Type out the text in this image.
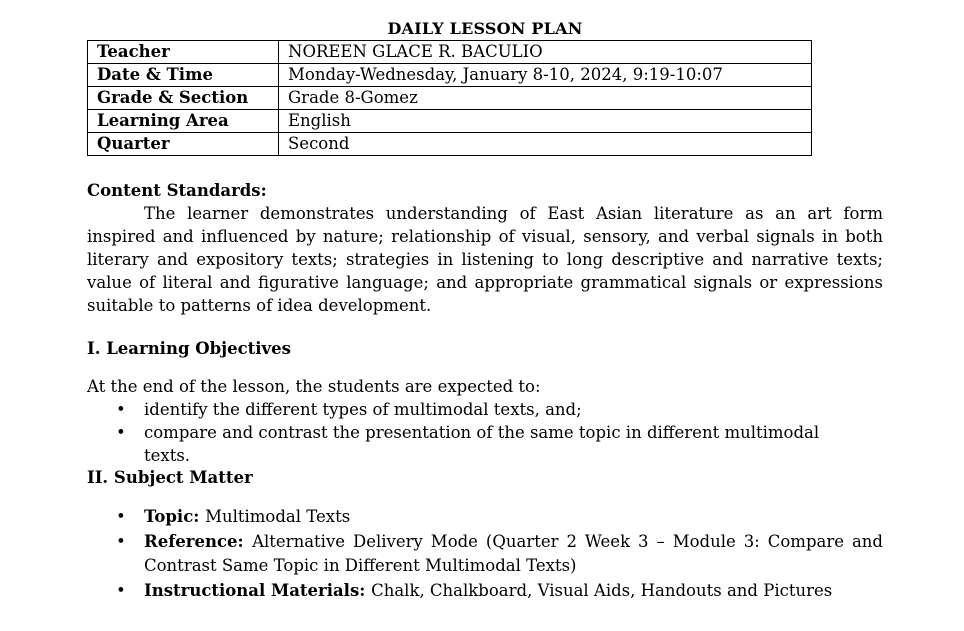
DAILY LESSON PLAN
Teacher	NOREEN GLACE R. BACULIO
Date & Time	Monday-Wednesday, January 8-10, 2024, 9:19-10:07
Grade & Section	Grade 8-Gomez
Learning Area	English
Quarter	Second
Content Standards:
The learner demonstrates understanding of East Asian literature as an art form inspired and influenced by nature; relationship of visual, sensory, and verbal signals in both literary and expository texts; strategies in listening to long descriptive and narrative texts; value of literal and figurative language; and appropriate grammatical signals or expressions suitable to patterns of idea development.
I. Learning Objectives
At the end of the lesson, the students are expected to:
• identify the different types of multimodal texts, and;
• compare and contrast the presentation of the same topic in different multimodal texts.
II. Subject Matter
• Topic: Multimodal Texts
• Reference: Alternative Delivery Mode (Quarter 2 Week 3 – Module 3: Compare and Contrast Same Topic in Different Multimodal Texts)
• Instructional Materials: Chalk, Chalkboard, Visual Aids, Handouts and Pictures
